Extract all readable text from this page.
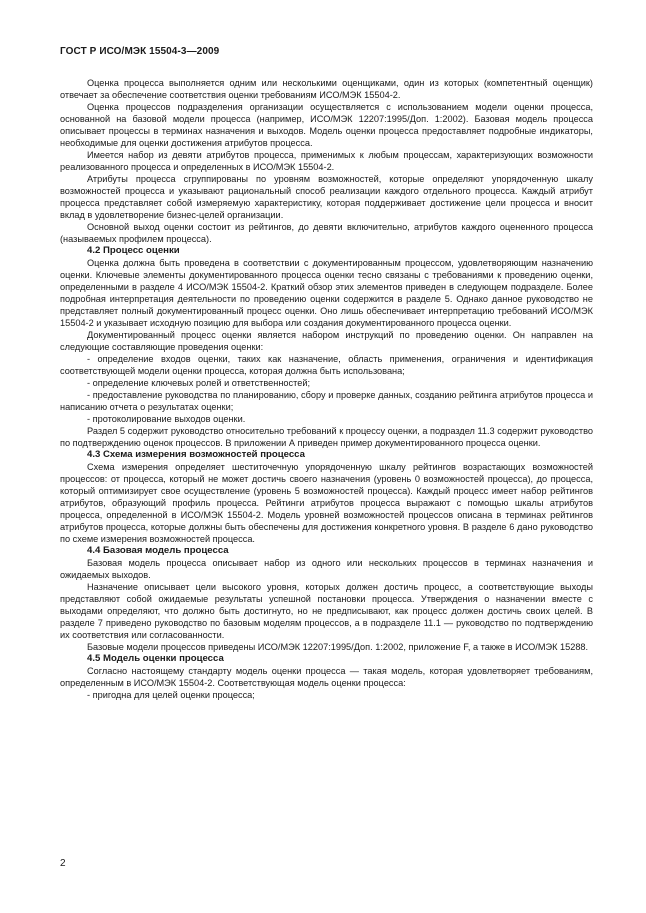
ГОСТ Р ИСО/МЭК 15504-3—2009

Оценка процесса выполняется одним или несколькими оценщиками, один из которых (компетентный оценщик) отвечает за обеспечение соответствия оценки требованиям ИСО/МЭК 15504-2.

Оценка процессов подразделения организации осуществляется с использованием модели оценки процесса, основанной на базовой модели процесса (например, ИСО/МЭК 12207:1995/Доп. 1:2002). Базовая модель процесса описывает процессы в терминах назначения и выходов. Модель оценки процесса предоставляет подробные индикаторы, необходимые для оценки достижения атрибутов процесса.

Имеется набор из девяти атрибутов процесса, применимых к любым процессам, характеризующих возможности реализованного процесса и определенных в ИСО/МЭК 15504-2.

Атрибуты процесса сгруппированы по уровням возможностей, которые определяют упорядоченную шкалу возможностей процесса и указывают рациональный способ реализации каждого отдельного процесса. Каждый атрибут процесса представляет собой измеряемую характеристику, которая поддерживает достижение цели процесса и вносит вклад в удовлетворение бизнес-целей организации.

Основной выход оценки состоит из рейтингов, до девяти включительно, атрибутов каждого оцененного процесса (называемых профилем процесса).

4.2 Процесс оценки

Оценка должна быть проведена в соответствии с документированным процессом, удовлетворяющим назначению оценки. Ключевые элементы документированного процесса оценки тесно связаны с требованиями к проведению оценки, определенными в разделе 4 ИСО/МЭК 15504-2. Краткий обзор этих элементов приведен в следующем подразделе. Более подробная интерпретация деятельности по проведению оценки содержится в разделе 5. Однако данное руководство не представляет полный документированный процесс оценки. Оно лишь обеспечивает интерпретацию требований ИСО/МЭК 15504-2 и указывает исходную позицию для выбора или создания документированного процесса оценки.

Документированный процесс оценки является набором инструкций по проведению оценки. Он направлен на следующие составляющие проведения оценки:

- определение входов оценки, таких как назначение, область применения, ограничения и идентификация соответствующей модели оценки процесса, которая должна быть использована;

- определение ключевых ролей и ответственностей;

- предоставление руководства по планированию, сбору и проверке данных, созданию рейтинга атрибутов процесса и написанию отчета о результатах оценки;

- протоколирование выходов оценки.

Раздел 5 содержит руководство относительно требований к процессу оценки, а подраздел 11.3 содержит руководство по подтверждению оценок процессов. В приложении А приведен пример документированного процесса оценки.

4.3 Схема измерения возможностей процесса

Схема измерения определяет шеститочечную упорядоченную шкалу рейтингов возрастающих возможностей процессов: от процесса, который не может достичь своего назначения (уровень 0 возможностей процесса), до процесса, который оптимизирует свое осуществление (уровень 5 возможностей процесса). Каждый процесс имеет набор рейтингов атрибутов, образующий профиль процесса. Рейтинги атрибутов процесса выражают с помощью шкалы атрибутов процесса, определенной в ИСО/МЭК 15504-2. Модель уровней возможностей процессов описана в терминах рейтингов атрибутов процесса, которые должны быть обеспечены для достижения конкретного уровня. В разделе 6 дано руководство по схеме измерения возможностей процесса.

4.4 Базовая модель процесса

Базовая модель процесса описывает набор из одного или нескольких процессов в терминах назначения и ожидаемых выходов.

Назначение описывает цели высокого уровня, которых должен достичь процесс, а соответствующие выходы представляют собой ожидаемые результаты успешной постановки процесса. Утверждения о назначении вместе с выходами определяют, что должно быть достигнуто, но не предписывают, как процесс должен достичь своих целей. В разделе 7 приведено руководство по базовым моделям процессов, а в подразделе 11.1 — руководство по подтверждению их соответствия или согласованности.

Базовые модели процессов приведены ИСО/МЭК 12207:1995/Доп. 1:2002, приложение F, а также в ИСО/МЭК 15288.

4.5 Модель оценки процесса

Согласно настоящему стандарту модель оценки процесса — такая модель, которая удовлетворяет требованиям, определенным в ИСО/МЭК 15504-2. Соответствующая модель оценки процесса:

- пригодна для целей оценки процесса;

2
